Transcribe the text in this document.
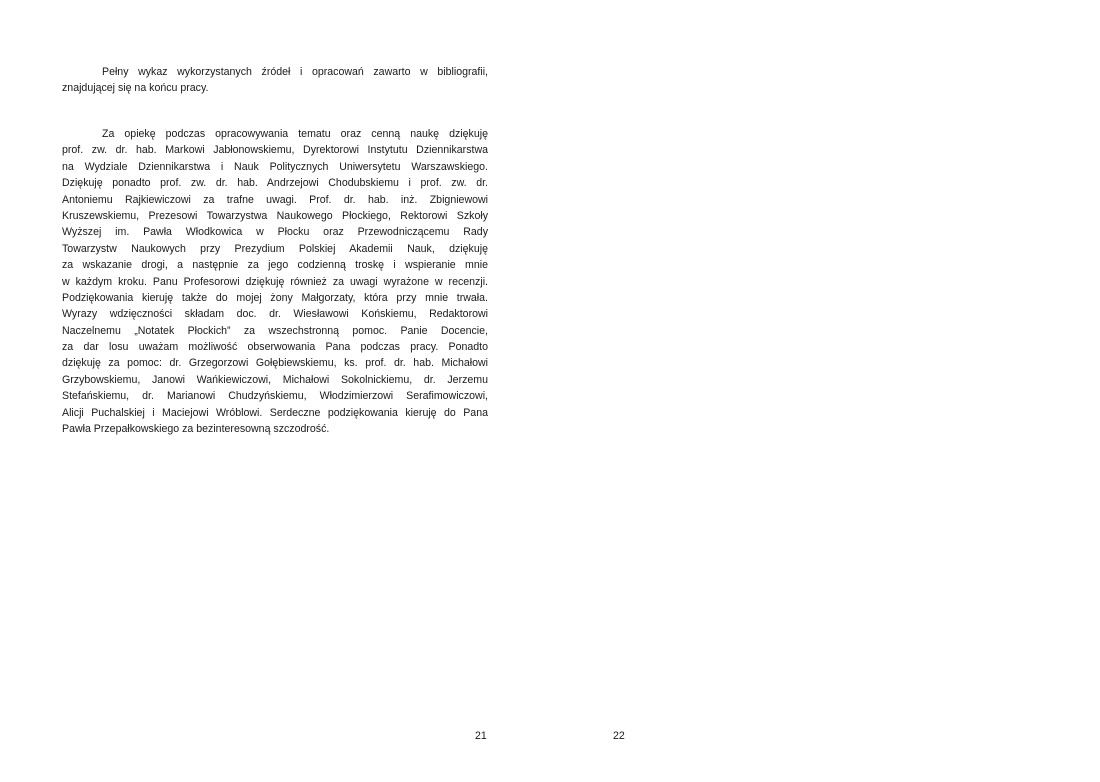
Pełny wykaz wykorzystanych źródeł i opracowań zawarto w bibliografii,
znajdującej się na końcu pracy.
Za opiekę podczas opracowywania tematu oraz cenną naukę dziękuję
prof. zw. dr. hab. Markowi Jabłonowskiemu, Dyrektorowi Instytutu Dziennikarstwa
na Wydziale Dziennikarstwa i Nauk Politycznych Uniwersytetu Warszawskiego.
Dziękuję ponadto prof. zw. dr. hab. Andrzejowi Chodubskiemu i prof. zw. dr.
Antoniemu Rajkiewiczowi za trafne uwagi. Prof. dr. hab. inż. Zbigniewowi
Kruszewskiemu, Prezesowi Towarzystwa Naukowego Płockiego, Rektorowi Szkoły
Wyższej im. Pawła Włodkowica w Płocku oraz Przewodniczącemu Rady
Towarzystw Naukowych przy Prezydium Polskiej Akademii Nauk, dziękuję
za wskazanie drogi, a następnie za jego codzienną troskę i wspieranie mnie
w każdym kroku. Panu Profesorowi dziękuję również za uwagi wyrażone w recenzji.
Podziękowania kieruję także do mojej żony Małgorzaty, która przy mnie trwała.
Wyrazy wdzięczności składam doc. dr. Wiesławowi Końskiemu, Redaktorowi
Naczelnemu „Notatek Płockich” za wszechstronną pomoc. Panie Docencie,
za dar losu uważam możliwość obserwowania Pana podczas pracy. Ponadto
dziękuję za pomoc: dr. Grzegorzowi Gołębiewskiemu, ks. prof. dr. hab. Michałowi
Grzybowskiemu, Janowi Wańkiewiczowi, Michałowi Sokolnickiemu, dr. Jerzemu
Stefańskiemu, dr. Marianowi Chudzyńskiemu, Włodzimierzowi Serafimowiczowi,
Alicji Puchalskiej i Maciejowi Wróblowi. Serdeczne podziękowania kieruję do Pana
Pawła Przepałkowskiego za bezinteresowną szczodrość.
21	22
